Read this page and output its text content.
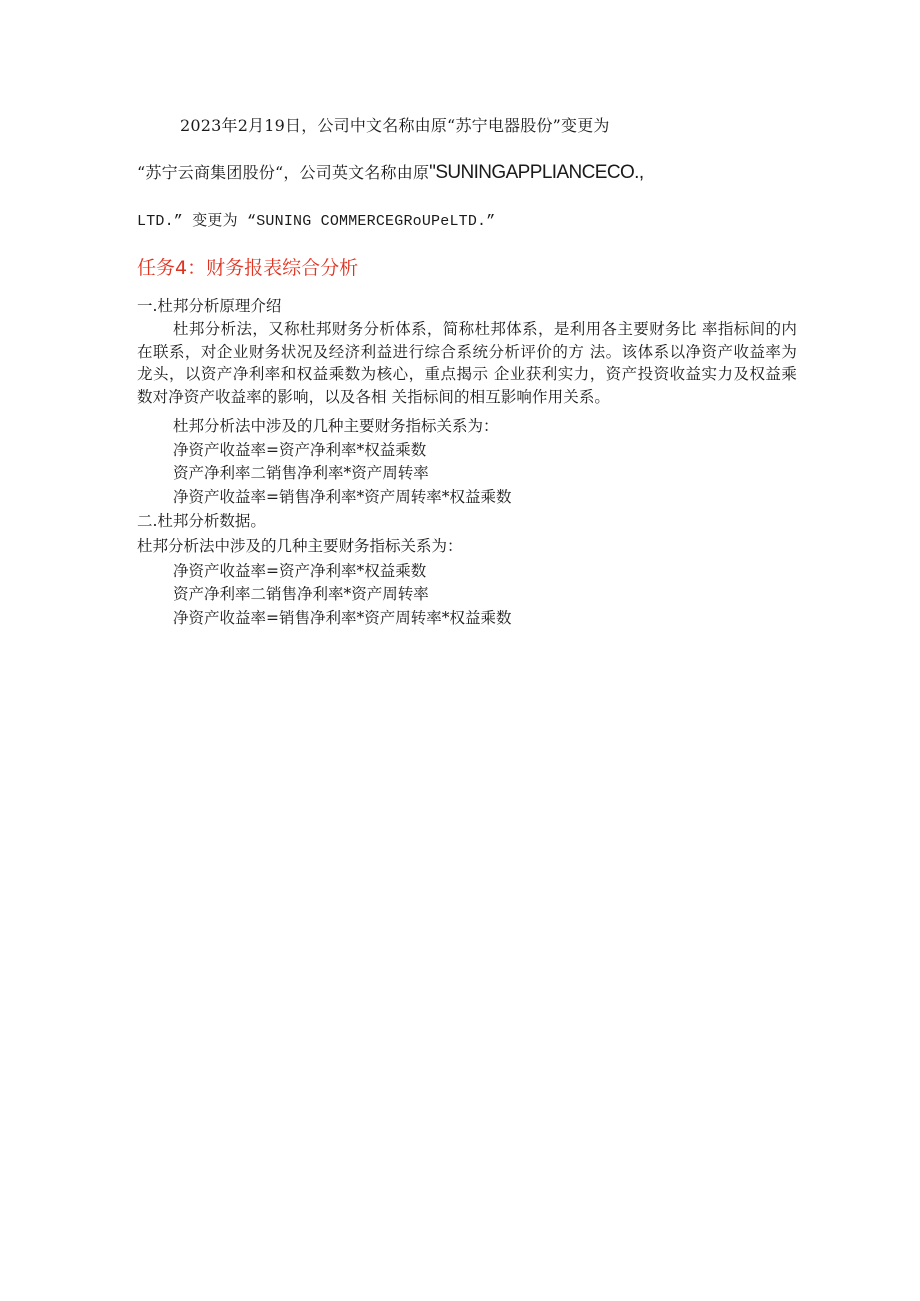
2023年2月19日，公司中文名称由原“苏宁电器股份”变更为
“苏宁云商集团股份“，公司英文名称由原"SUNINGAPPLIANCECO.,
LTD.” 变更为 “SUNING COMMERCEGRoUPeLTD.”
任务4：财务报表综合分析
一.杜邦分析原理介绍
杜邦分析法，又称杜邦财务分析体系，简称杜邦体系，是利用各主要财务比 率指标间的内在联系，对企业财务状况及经济利益进行综合系统分析评价的方 法。该体系以净资产收益率为龙头，以资产净利率和权益乘数为核心，重点揭示 企业获利实力，资产投资收益实力及权益乘数对净资产收益率的影响，以及各相 关指标间的相互影响作用关系。
杜邦分析法中涉及的几种主要财务指标关系为：
净资产收益率=资产净利率*权益乘数
资产净利率二销售净利率*资产周转率
净资产收益率=销售净利率*资产周转率*权益乘数
二.杜邦分析数据。
杜邦分析法中涉及的几种主要财务指标关系为：
净资产收益率=资产净利率*权益乘数
资产净利率二销售净利率*资产周转率
净资产收益率=销售净利率*资产周转率*权益乘数
